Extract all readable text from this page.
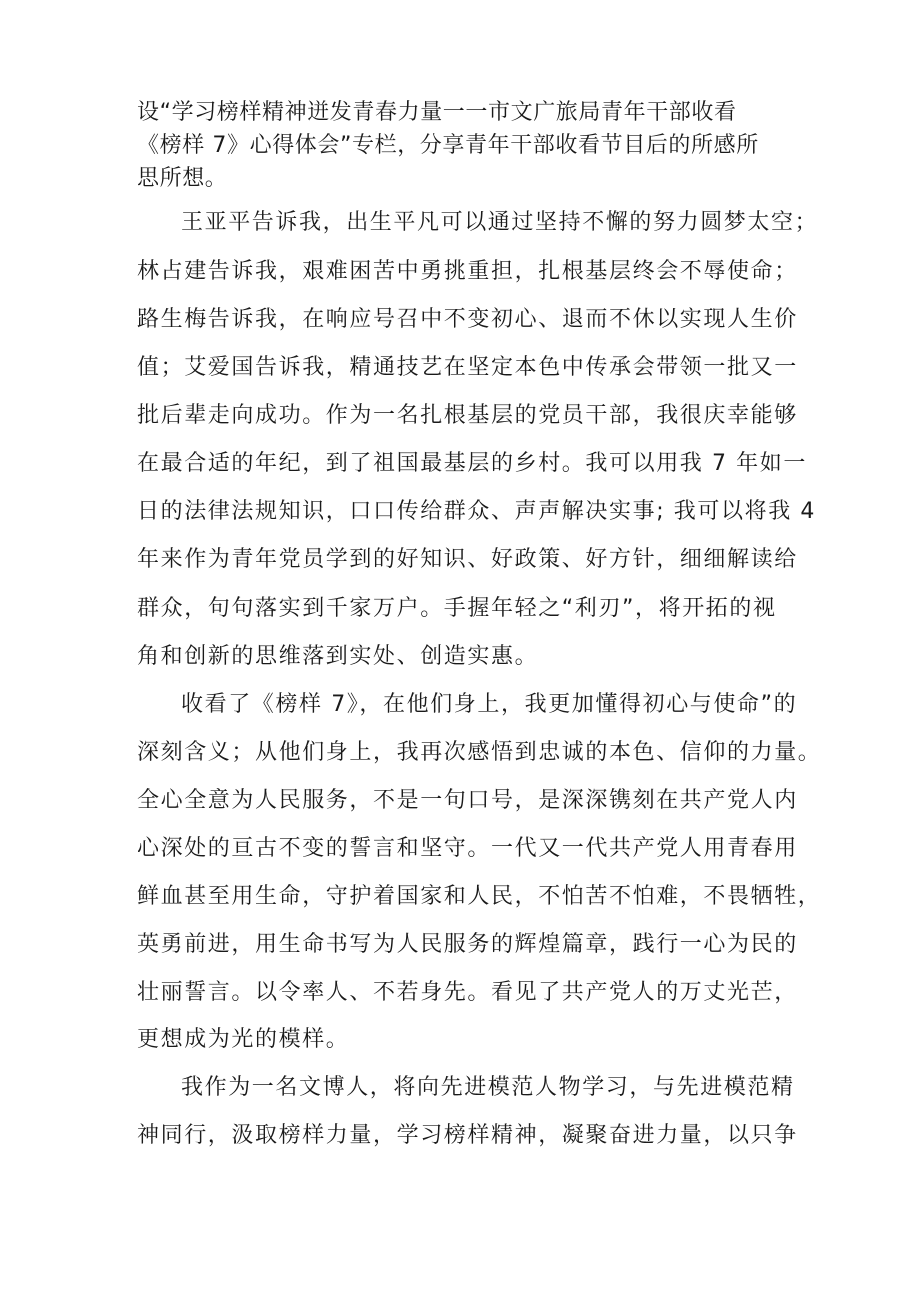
设“学习榜样精神迸发青春力量一一市文广旅局青年干部收看
《榜样 7》心得体会”专栏，分享青年干部收看节目后的所感所
思所想。
王亚平告诉我，出生平凡可以通过坚持不懈的努力圆梦太空；
林占建告诉我，艰难困苦中勇挑重担，扎根基层终会不辱使命；
路生梅告诉我，在响应号召中不变初心、退而不休以实现人生价
值；艾爱国告诉我，精通技艺在坚定本色中传承会带领一批又一
批后辈走向成功。作为一名扎根基层的党员干部，我很庆幸能够
在最合适的年纪，到了祖国最基层的乡村。我可以用我 7 年如一
日的法律法规知识，口口传给群众、声声解决实事; 我可以将我 4
年来作为青年党员学到的好知识、好政策、好方针，细细解读给
群众，句句落实到千家万户。手握年轻之“利刃”，将开拓的视
角和创新的思维落到实处、创造实惠。
收看了《榜样 7》，在他们身上，我更加懂得初心与使命”的
深刻含义；从他们身上，我再次感悟到忠诚的本色、信仰的力量。
全心全意为人民服务，不是一句口号，是深深镌刻在共产党人内
心深处的亘古不变的誓言和坚守。一代又一代共产党人用青春用
鲜血甚至用生命，守护着国家和人民，不怕苦不怕难，不畏牺牲，
英勇前进，用生命书写为人民服务的辉煌篇章，践行一心为民的
壮丽誓言。以令率人、不若身先。看见了共产党人的万丈光芒，
更想成为光的模样。
我作为一名文博人，将向先进模范人物学习，与先进模范精
神同行，汲取榜样力量，学习榜样精神，凝聚奋进力量，以只争
